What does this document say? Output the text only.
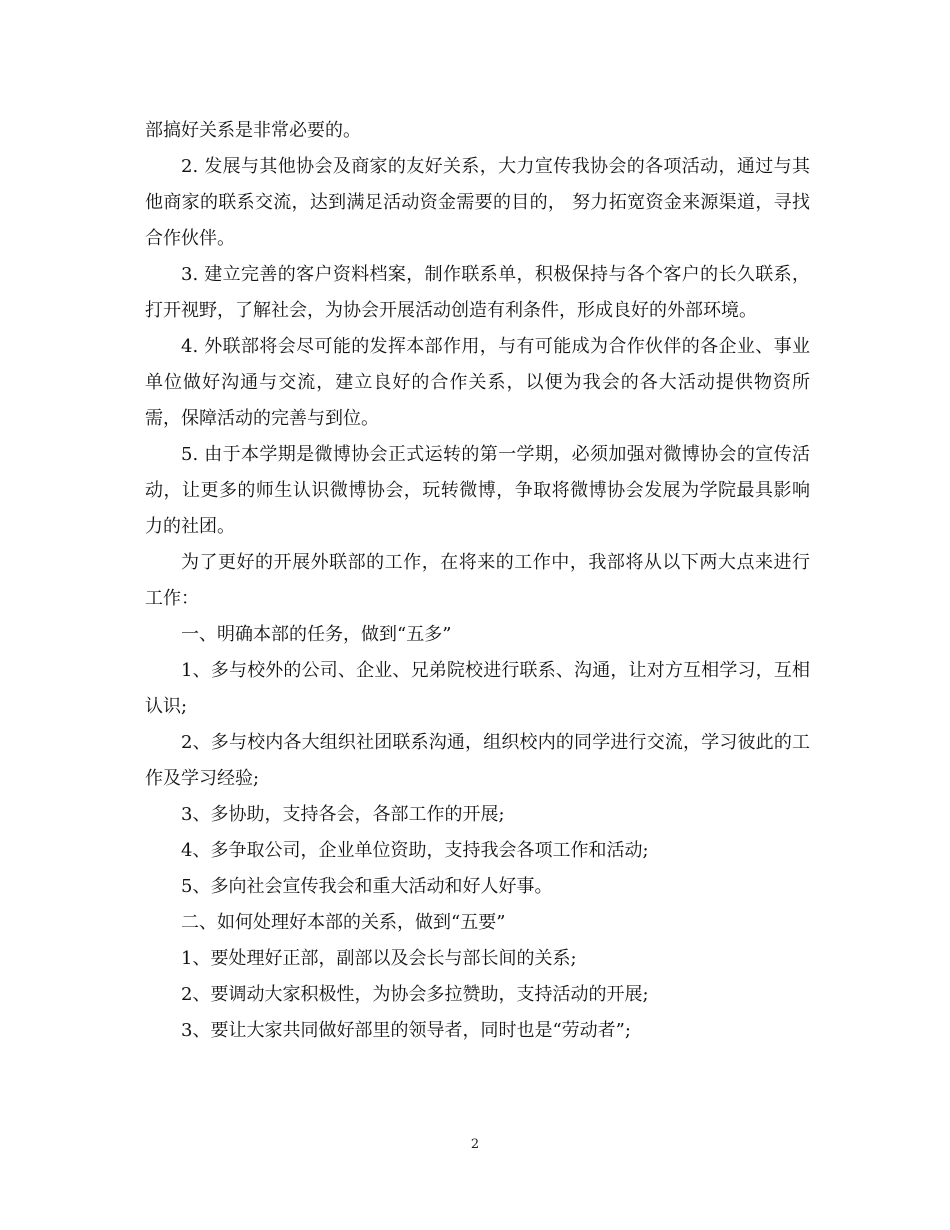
部搞好关系是非常必要的。

2. 发展与其他协会及商家的友好关系，大力宣传我协会的各项活动，通过与其他商家的联系交流，达到满足活动资金需要的目的， 努力拓宽资金来源渠道，寻找合作伙伴。

3. 建立完善的客户资料档案，制作联系单，积极保持与各个客户的长久联系，打开视野，了解社会，为协会开展活动创造有利条件，形成良好的外部环境。

4. 外联部将会尽可能的发挥本部作用，与有可能成为合作伙伴的各企业、事业单位做好沟通与交流，建立良好的合作关系，以便为我会的各大活动提供物资所需，保障活动的完善与到位。

5. 由于本学期是微博协会正式运转的第一学期，必须加强对微博协会的宣传活动，让更多的师生认识微博协会，玩转微博，争取将微博协会发展为学院最具影响力的社团。

为了更好的开展外联部的工作，在将来的工作中，我部将从以下两大点来进行工作：

一、明确本部的任务，做到“五多”

1、多与校外的公司、企业、兄弟院校进行联系、沟通，让对方互相学习，互相认识;

2、多与校内各大组织社团联系沟通，组织校内的同学进行交流，学习彼此的工作及学习经验;

3、多协助，支持各会，各部工作的开展;

4、多争取公司，企业单位资助，支持我会各项工作和活动;

5、多向社会宣传我会和重大活动和好人好事。

二、如何处理好本部的关系，做到“五要”

1、要处理好正部，副部以及会长与部长间的关系;

2、要调动大家积极性，为协会多拉赞助，支持活动的开展;

3、要让大家共同做好部里的领导者，同时也是“劳动者”;

2
